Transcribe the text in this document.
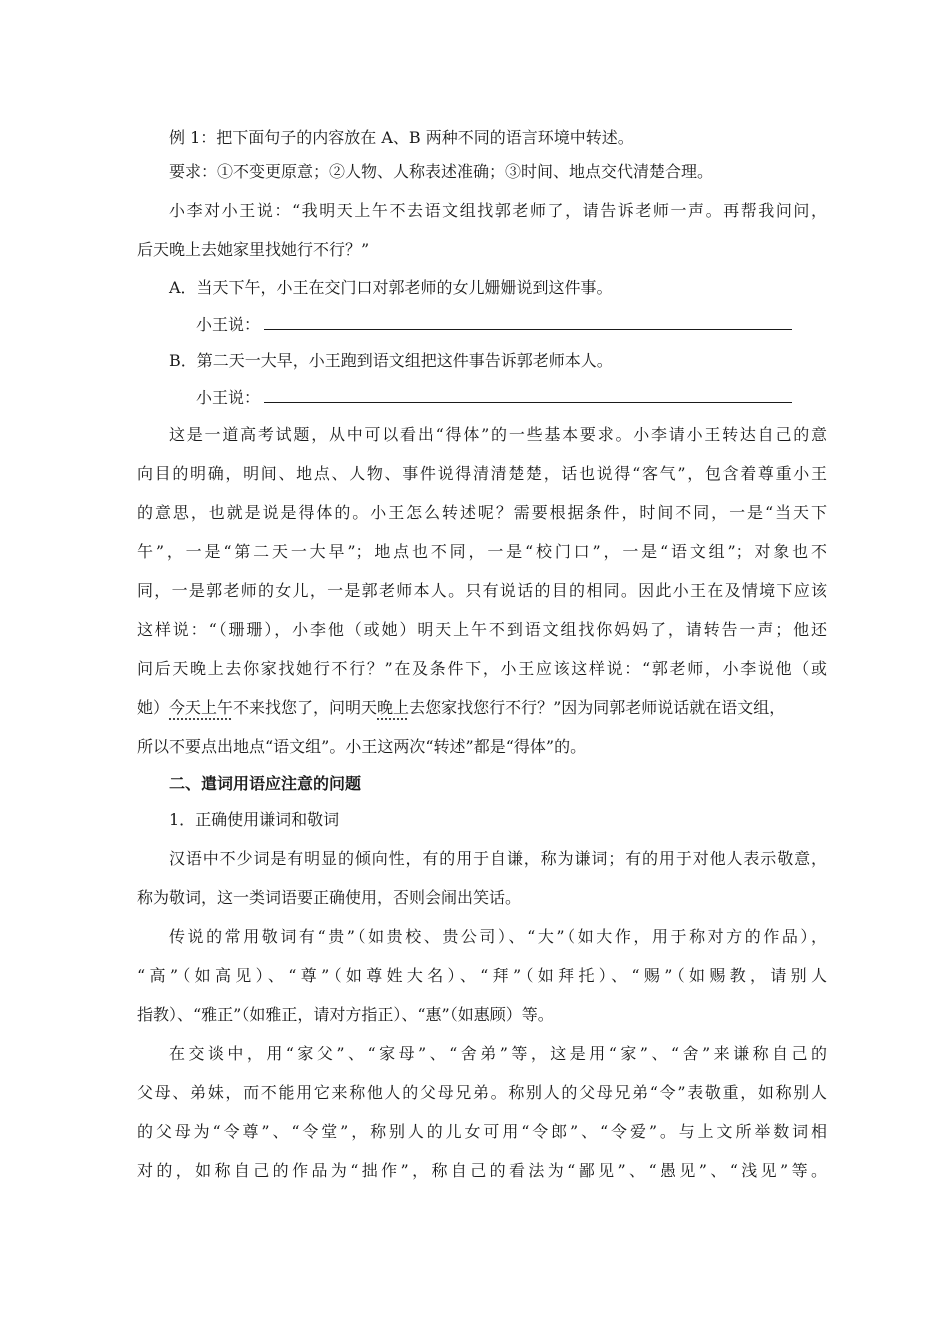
例 1：把下面句子的内容放在 A、B 两种不同的语言环境中转述。
要求：①不变更原意；②人物、人称表述准确；③时间、地点交代清楚合理。
小李对小王说：“我明天上午不去语文组找郭老师了，请告诉老师一声。再帮我问问，
后天晚上去她家里找她行不行？”
A．当天下午，小王在交门口对郭老师的女儿姗姗说到这件事。
小王说：
B．第二天一大早，小王跑到语文组把这件事告诉郭老师本人。
小王说：
这是一道高考试题，从中可以看出“得体”的一些基本要求。小李请小王转达自己的意
向目的明确，明间、地点、人物、事件说得清清楚楚，话也说得“客气”，包含着尊重小王
的意思，也就是说是得体的。小王怎么转述呢？需要根据条件，时间不同，一是“当天下
午”，一是“第二天一大早”；地点也不同，一是“校门口”，一是“语文组”；对象也不
同，一是郭老师的女儿，一是郭老师本人。只有说话的目的相同。因此小王在及情境下应该
这样说：“（珊珊），小李他（或她）明天上午不到语文组找你妈妈了，请转告一声；他还
问后天晚上去你家找她行不行？”在及条件下，小王应该这样说：“郭老师，小李说他（或
她）今天上午不来找您了，问明天晚上去您家找您行不行？”因为同郭老师说话就在语文组，
所以不要点出地点“语文组”。小王这两次“转述”都是“得体”的。
二、遣词用语应注意的问题
1．正确使用谦词和敬词
汉语中不少词是有明显的倾向性，有的用于自谦，称为谦词；有的用于对他人表示敬意，
称为敬词，这一类词语要正确使用，否则会闹出笑话。
传说的常用敬词有“贵”（如贵校、贵公司）、“大”（如大作，用于称对方的作品），
“高”（如高见）、“尊”（如尊姓大名）、“拜”（如拜托）、“赐”（如赐教，请别人
指教）、“雅正”（如雅正，请对方指正）、“惠”（如惠顾）等。
在交谈中，用“家父”、“家母”、“舍弟”等，这是用“家”、“舍”来谦称自己的
父母、弟妹，而不能用它来称他人的父母兄弟。称别人的父母兄弟“令”表敬重，如称别人
的父母为“令尊”、“令堂”，称别人的儿女可用“令郎”、“令爱”。与上文所举数词相
对的，如称自己的作品为“拙作”，称自己的看法为“鄙见”、“愚见”、“浅见”等。
